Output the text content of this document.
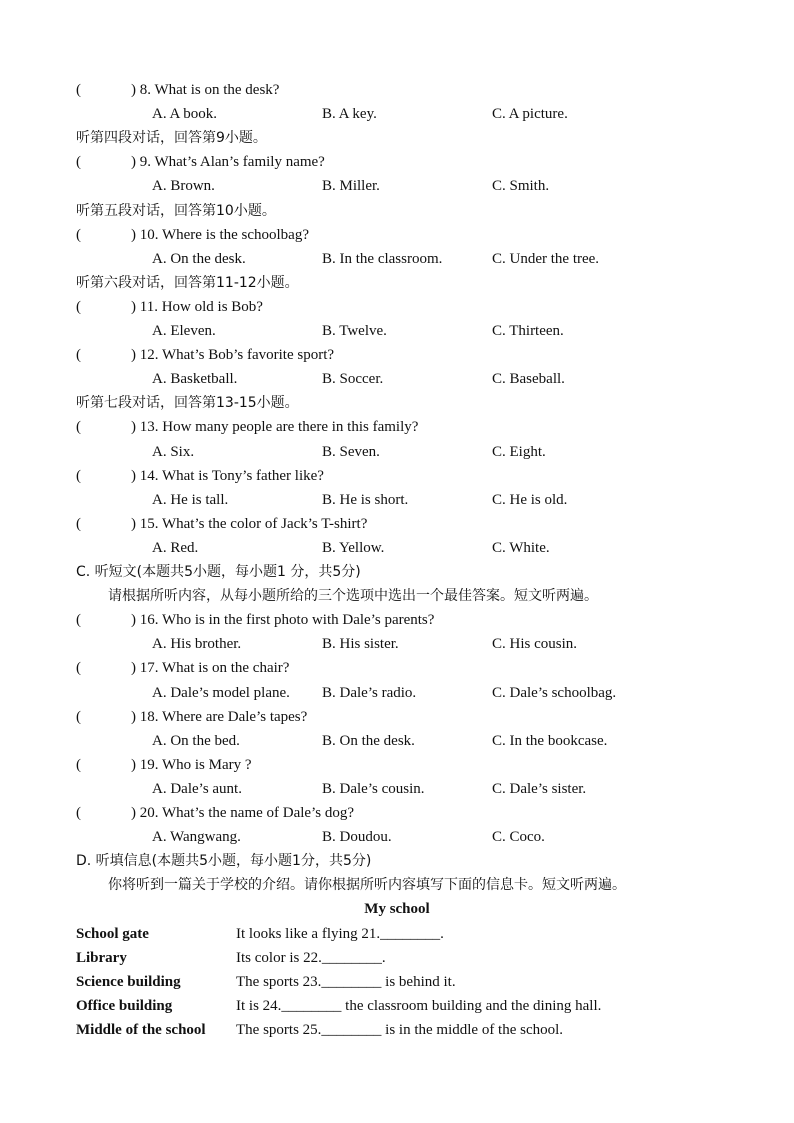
(	) 8. What is on the desk?
A. A book.	B. A key.	C. A picture.
听第四段对话，回答第9小题。
(	) 9. What’s Alan’s family name?
A. Brown.	B. Miller.	C. Smith.
听第五段对话，回答第10小题。
(	) 10. Where is the schoolbag?
A. On the desk.	B. In the classroom.	C. Under the tree.
听第六段对话，回答第11-12小题。
(	) 11. How old is Bob?
A. Eleven.	B. Twelve.	C. Thirteen.
(	) 12. What’s Bob’s favorite sport?
A. Basketball.	B. Soccer.	C. Baseball.
听第七段对话，回答第13-15小题。
(	) 13. How many people are there in this family?
A. Six.	B. Seven.	C. Eight.
(	) 14. What is Tony’s father like?
A. He is tall.	B. He is short.	C. He is old.
(	) 15. What’s the color of Jack’s T-shirt?
A. Red.	B. Yellow.	C. White.
C. 听短文(本题共5小题，每小题1 分，共5分)
请根据所听内容，从每小题所给的三个选项中选出一个最佳答案。短文听两遍。
(	) 16. Who is in the first photo with Dale’s parents?
A. His brother.	B. His sister.	C. His cousin.
(	) 17. What is on the chair?
A. Dale’s model plane. B. Dale’s radio.	C. Dale’s schoolbag.
(	) 18. Where are Dale’s tapes?
A. On the bed.	B. On the desk.	C. In the bookcase.
(	) 19. Who is Mary ?
A. Dale’s aunt.	B. Dale’s cousin.	C. Dale’s sister.
(	) 20. What’s the name of Dale’s dog?
A. Wangwang.	B. Doudou.	C. Coco.
D. 听填信息(本题共5小题，每小题1分，共5分)
你将听到一篇关于学校的介绍。请你根据所听内容填写下面的信息卡。短文听两遍。
My school
School gate	It looks like a flying 21.________.
Library	Its color is 22.________.
Science building	The sports 23.________ is behind it.
Office building	It is 24.________ the classroom building and the dining hall.
Middle of the school The sports 25.________ is in the middle of the school.
